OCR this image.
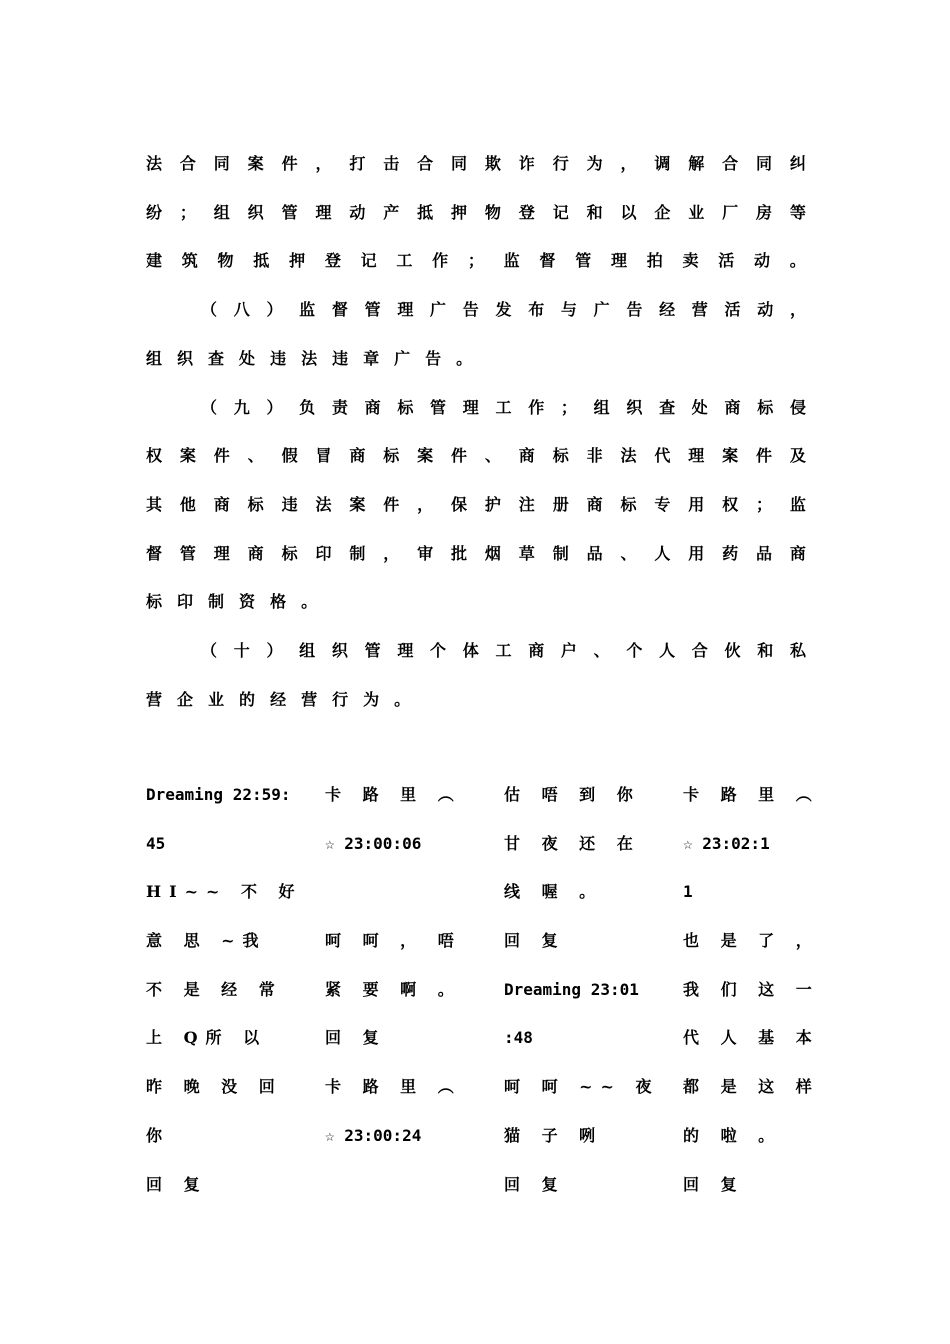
法 合 同 案 件 ， 打 击 合 同 欺 诈 行 为 ， 调 解 合 同 纠
纷 ； 组 织 管 理 动 产 抵 押 物 登 记 和 以 企 业 厂 房 等
建 筑 物 抵 押 登 记 工 作 ； 监 督 管 理 拍 卖 活 动 。
（ 八 ） 监 督 管 理 广 告 发 布 与 广 告 经 营 活 动 ，
组 织 查 处 违 法 违 章 广 告 。
（ 九 ） 负 责 商 标 管 理 工 作 ； 组 织 查 处 商 标 侵
权 案 件 、 假 冒 商 标 案 件 、 商 标 非 法 代 理 案 件 及
其 他 商 标 违 法 案 件 ， 保 护 注 册 商 标 专 用 权 ； 监
督 管 理 商 标 印 制 ， 审 批 烟 草 制 品 、 人 用 药 品 商
标 印 制 资 格 。
（ 十 ） 组 织 管 理 个 体 工 商 户 、 个 人 合 伙 和 私
营 企 业 的 经 营 行 为 。
Dreaming 22:59:
45
HI~~ 不 好
意 思 ~我
不 是 经 常
上 Q所 以
昨 晚 没 回
你
回 复
卡 路 里 ︵
☆ 23:00:06
呵 呵 ， 唔
紧 要 啊 。
回 复
卡 路 里 ︵
☆ 23:00:24
估 唔 到 你
甘 夜 还 在
线 喔 。
回 复
Dreaming 23:01
:48
呵 呵 ~~ 夜
猫 子 咧
回 复
卡 路 里 ︵
☆ 23:02:1
1
也 是 了 ，
我 们 这 一
代 人 基 本
都 是 这 样
的 啦 。
回 复
